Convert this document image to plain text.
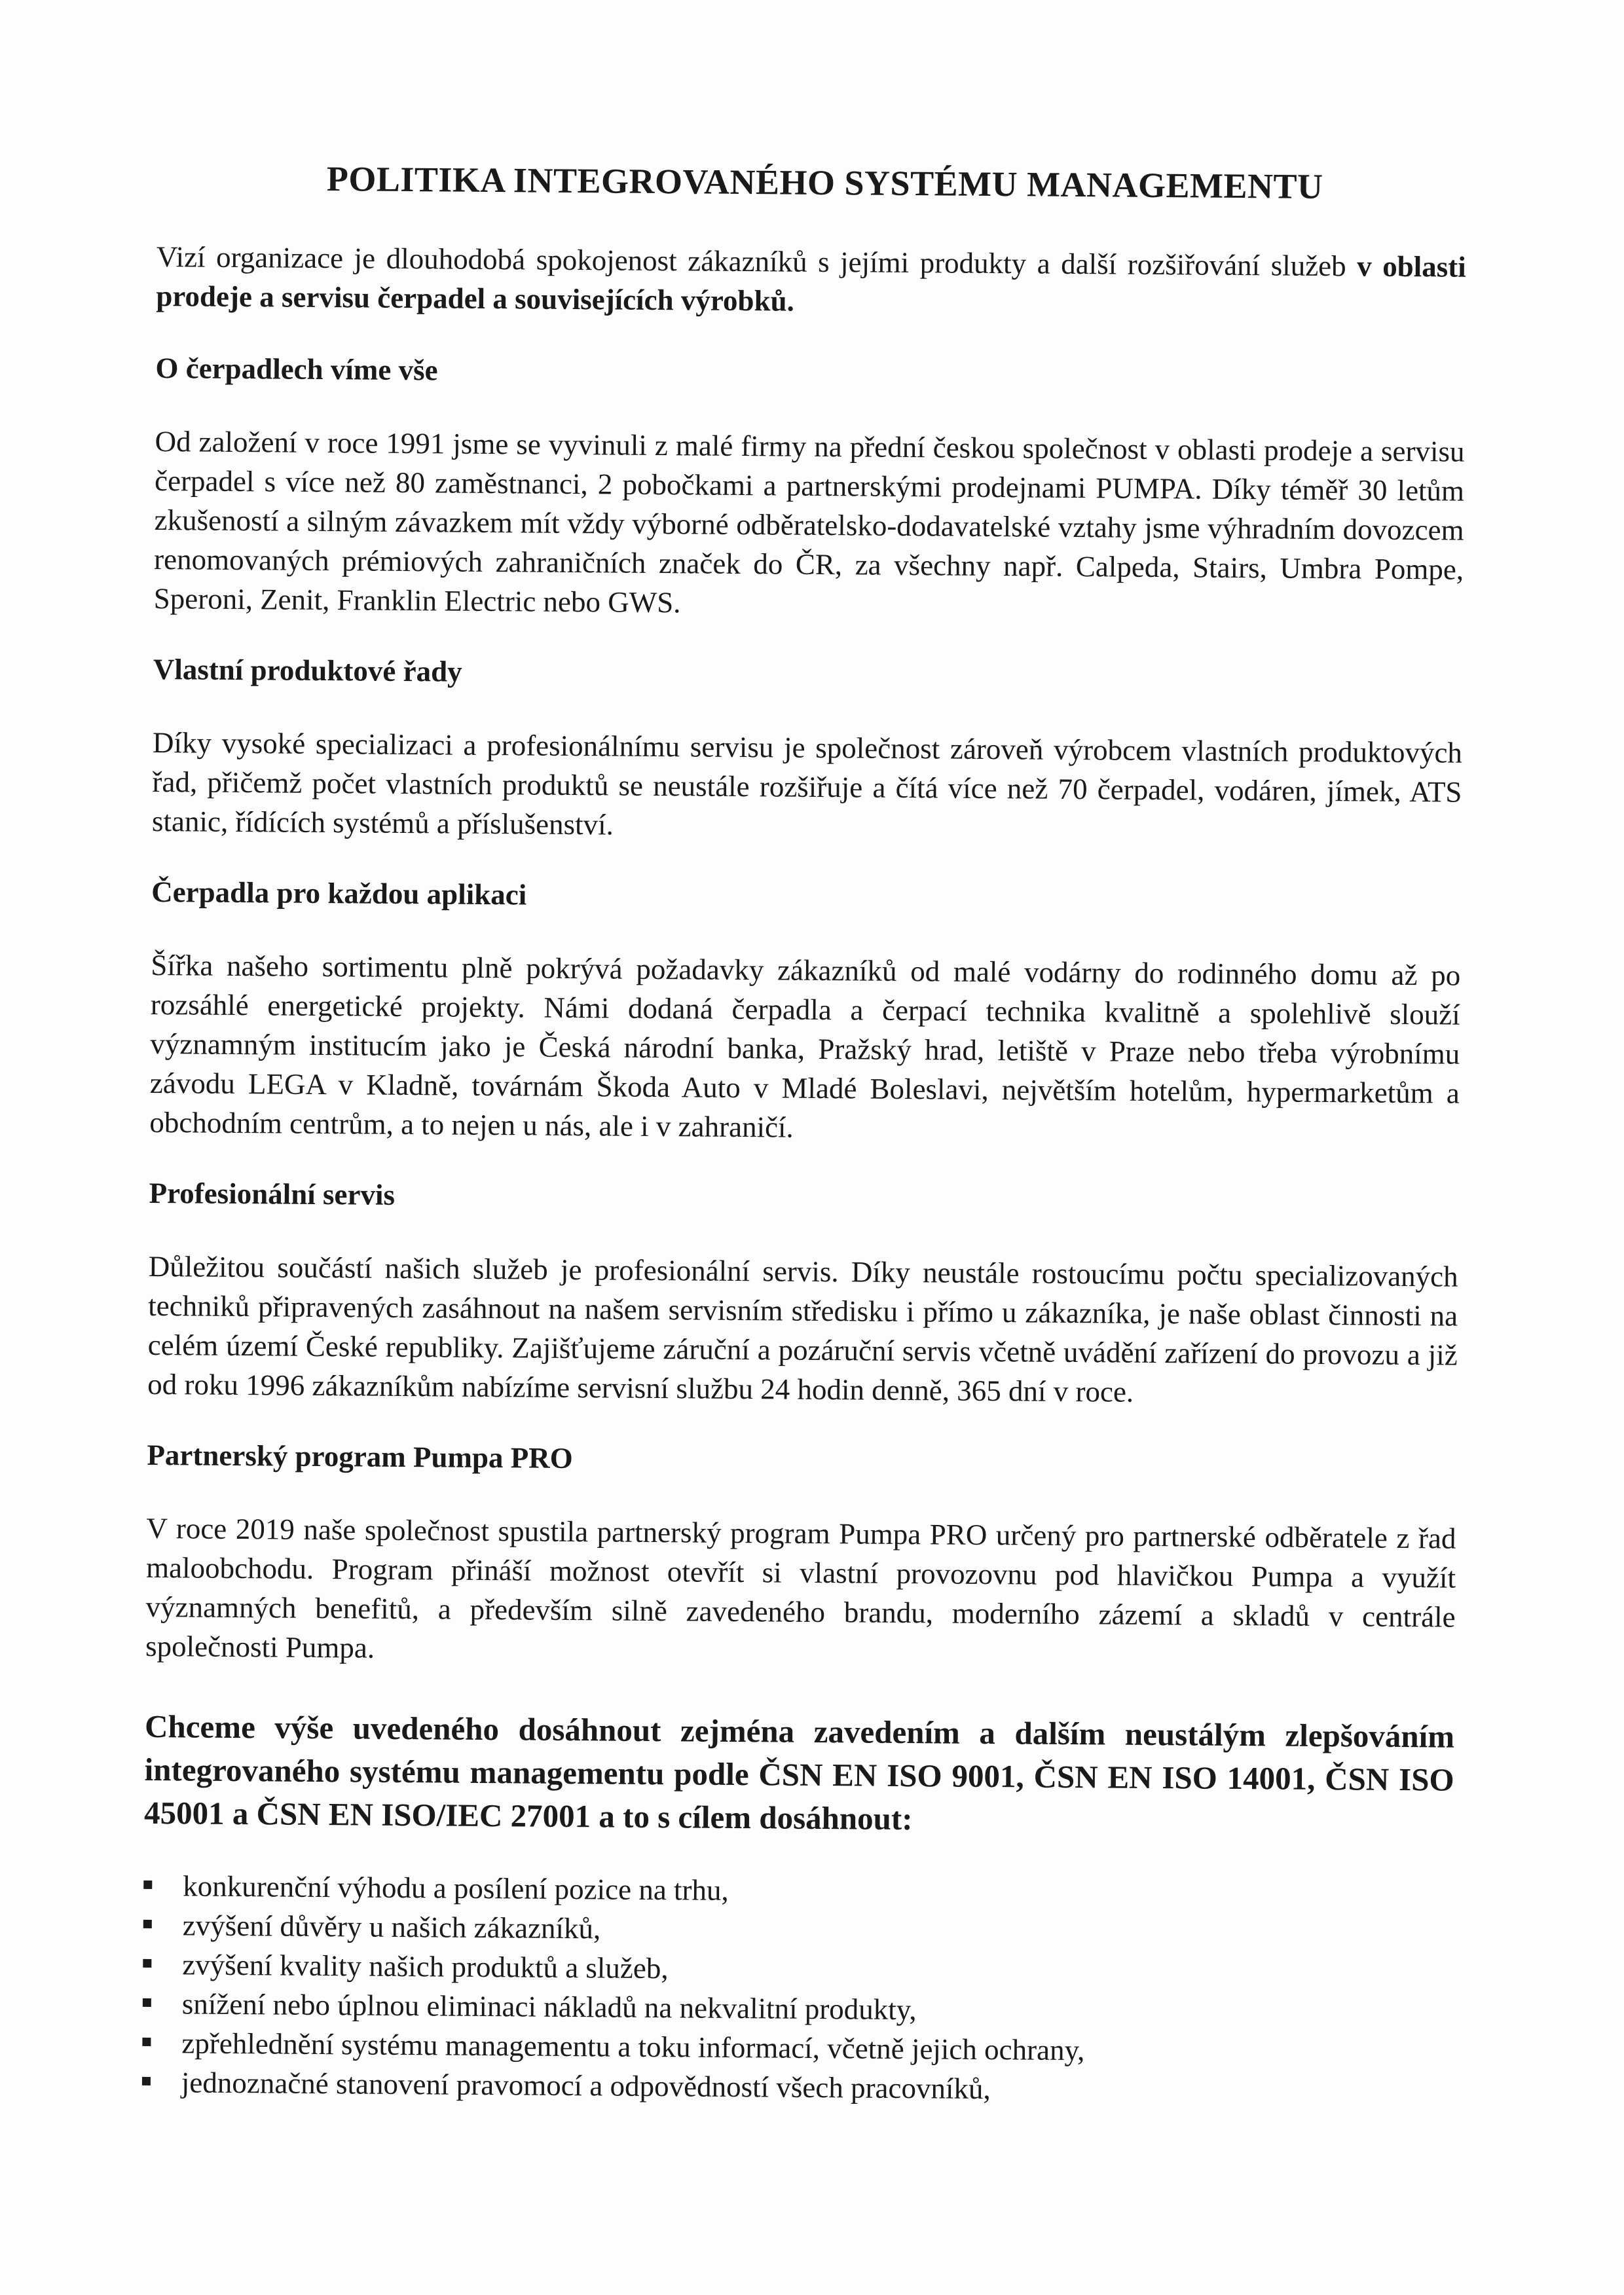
POLITIKA INTEGROVANÉHO SYSTÉMU MANAGEMENTU

Vizí organizace je dlouhodobá spokojenost zákazníků s jejími produkty a další rozšiřování služeb v oblasti prodeje a servisu čerpadel a souvisejících výrobků.

O čerpadlech víme vše

Od založení v roce 1991 jsme se vyvinuli z malé firmy na přední českou společnost v oblasti prodeje a servisu čerpadel s více než 80 zaměstnanci, 2 pobočkami a partnerskými prodejnami PUMPA. Díky téměř 30 letům zkušeností a silným závazkem mít vždy výborné odběratelsko-dodavatelské vztahy jsme výhradním dovozcem renomovaných prémiových zahraničních značek do ČR, za všechny např. Calpeda, Stairs, Umbra Pompe, Speroni, Zenit, Franklin Electric nebo GWS.

Vlastní produktové řady

Díky vysoké specializaci a profesionálnímu servisu je společnost zároveň výrobcem vlastních produktových řad, přičemž počet vlastních produktů se neustále rozšiřuje a čítá více než 70 čerpadel, vodáren, jímek, ATS stanic, řídících systémů a příslušenství.

Čerpadla pro každou aplikaci

Šířka našeho sortimentu plně pokrývá požadavky zákazníků od malé vodárny do rodinného domu až po rozsáhlé energetické projekty. Námi dodaná čerpadla a čerpací technika kvalitně a spolehlivě slouží významným institucím jako je Česká národní banka, Pražský hrad, letiště v Praze nebo třeba výrobnímu závodu LEGA v Kladně, továrnám Škoda Auto v Mladé Boleslavi, největším hotelům, hypermarketům a obchodním centrům, a to nejen u nás, ale i v zahraničí.

Profesionální servis

Důležitou součástí našich služeb je profesionální servis. Díky neustále rostoucímu počtu specializovaných techniků připravených zasáhnout na našem servisním středisku i přímo u zákazníka, je naše oblast činnosti na celém území České republiky. Zajišťujeme záruční a pozáruční servis včetně uvádění zařízení do provozu a již od roku 1996 zákazníkům nabízíme servisní službu 24 hodin denně, 365 dní v roce.

Partnerský program Pumpa PRO

V roce 2019 naše společnost spustila partnerský program Pumpa PRO určený pro partnerské odběratele z řad maloobchodu. Program přináší možnost otevřít si vlastní provozovnu pod hlavičkou Pumpa a využít významných benefitů, a především silně zavedeného brandu, moderního zázemí a skladů v centrále společnosti Pumpa.

Chceme výše uvedeného dosáhnout zejména zavedením a dalším neustálým zlepšováním integrovaného systému managementu podle ČSN EN ISO 9001, ČSN EN ISO 14001, ČSN ISO 45001 a ČSN EN ISO/IEC 27001 a to s cílem dosáhnout:

konkurenční výhodu a posílení pozice na trhu,
zvýšení důvěry u našich zákazníků,
zvýšení kvality našich produktů a služeb,
snížení nebo úplnou eliminaci nákladů na nekvalitní produkty,
zpřehlednění systému managementu a toku informací, včetně jejich ochrany,
jednoznačné stanovení pravomocí a odpovědností všech pracovníků,
